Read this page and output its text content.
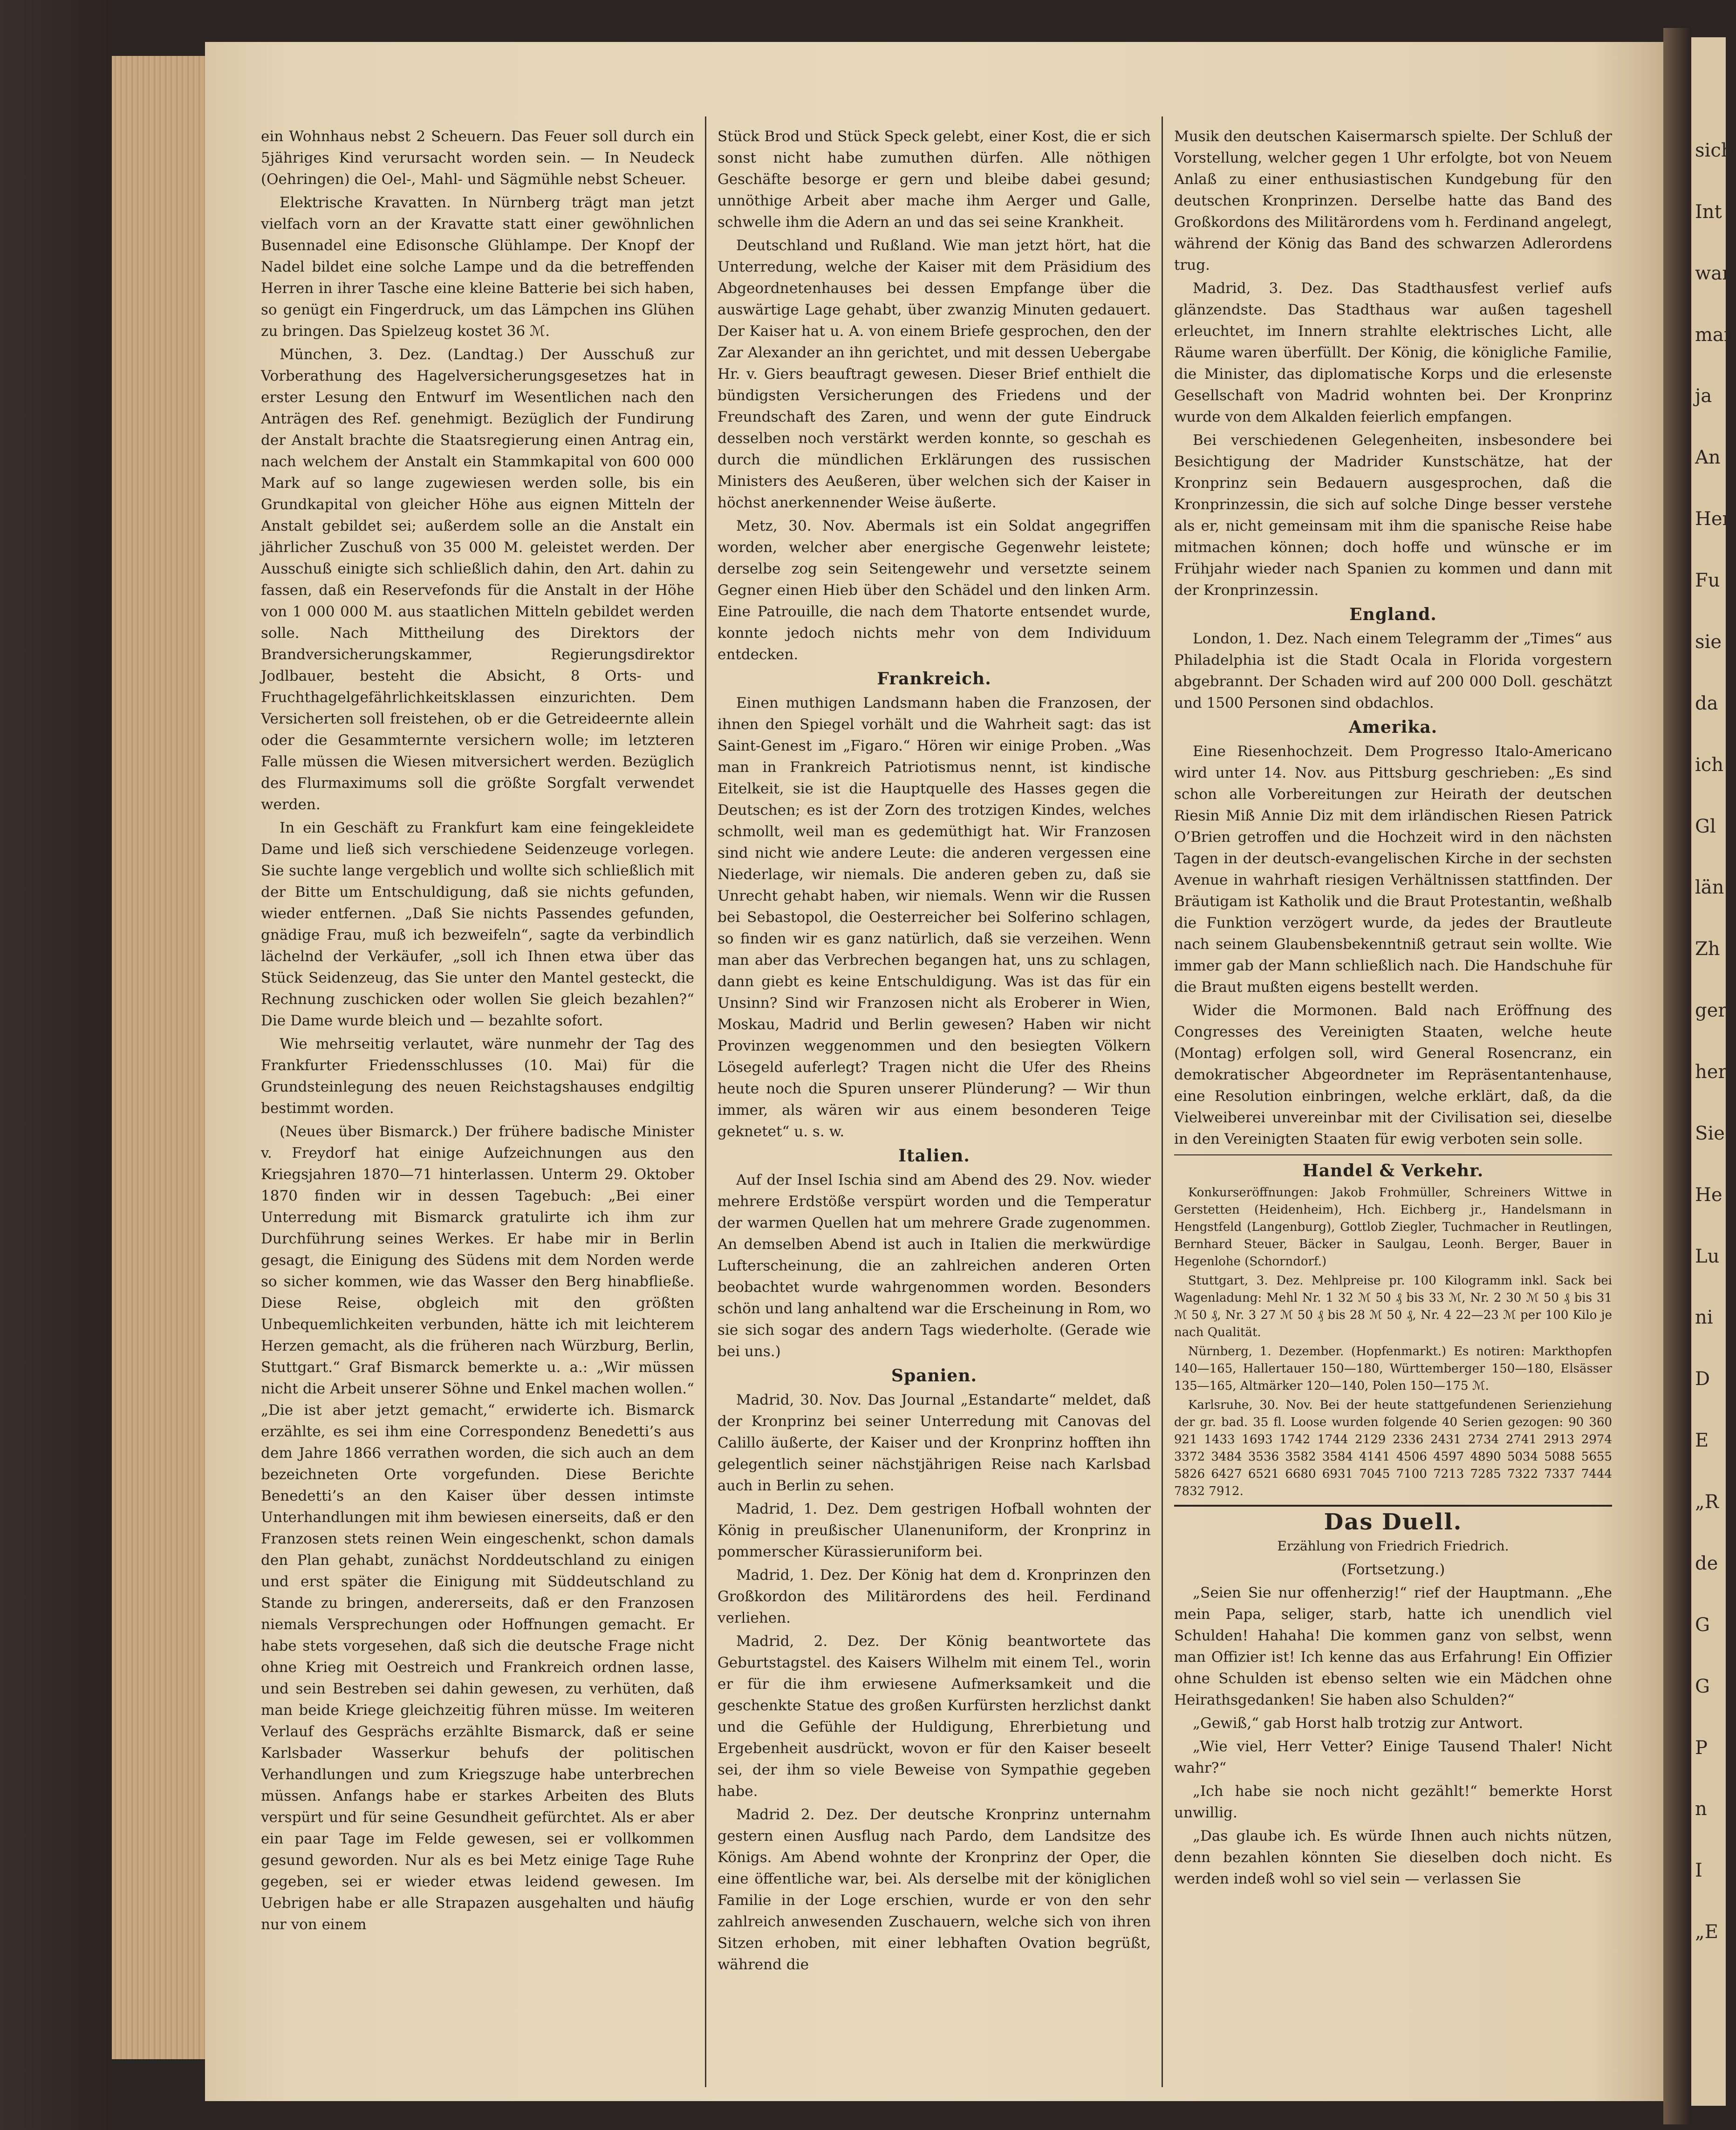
sich
Int
war
man
ja
An
Her
Fu
sie
da
ich
Gl
län
Zh
ger
her
Sie
He
Lu
ni
D
E
„R
de
G
G
P
n
I
„E

ein Wohnhaus nebst 2 Scheuern. Das Feuer soll durch ein 5jähriges Kind verursacht worden sein. — In Neudeck (Oehringen) die Oel-, Mahl- und Sägmühle nebst Scheuer.

Elektrische Kravatten. In Nürnberg trägt man jetzt vielfach vorn an der Kravatte statt einer gewöhnlichen Busennadel eine Edisonsche Glühlampe. Der Knopf der Nadel bildet eine solche Lampe und da die betreffenden Herren in ihrer Tasche eine kleine Batterie bei sich haben, so genügt ein Fingerdruck, um das Lämpchen ins Glühen zu bringen. Das Spielzeug kostet 36 ℳ.

München, 3. Dez. (Landtag.) Der Ausschuß zur Vorberathung des Hagelversicherungsgesetzes hat in erster Lesung den Entwurf im Wesentlichen nach den Anträgen des Ref. genehmigt. Bezüglich der Fundirung der Anstalt brachte die Staatsregierung einen Antrag ein, nach welchem der Anstalt ein Stammkapital von 600 000 Mark auf so lange zugewiesen werden solle, bis ein Grundkapital von gleicher Höhe aus eignen Mitteln der Anstalt gebildet sei; außerdem solle an die Anstalt ein jährlicher Zuschuß von 35 000 M. geleistet werden. Der Ausschuß einigte sich schließlich dahin, den Art. dahin zu fassen, daß ein Reservefonds für die Anstalt in der Höhe von 1 000 000 M. aus staatlichen Mitteln gebildet werden solle. Nach Mittheilung des Direktors der Brandversicherungskammer, Regierungsdirektor Jodlbauer, besteht die Absicht, 8 Orts- und Fruchthagelgefährlichkeitsklassen einzurichten. Dem Versicherten soll freistehen, ob er die Getreideernte allein oder die Gesammternte versichern wolle; im letzteren Falle müssen die Wiesen mitversichert werden. Bezüglich des Flurmaximums soll die größte Sorgfalt verwendet werden.

In ein Geschäft zu Frankfurt kam eine feingekleidete Dame und ließ sich verschiedene Seidenzeuge vorlegen. Sie suchte lange vergeblich und wollte sich schließlich mit der Bitte um Entschuldigung, daß sie nichts gefunden, wieder entfernen. „Daß Sie nichts Passendes gefunden, gnädige Frau, muß ich bezweifeln“, sagte da verbindlich lächelnd der Verkäufer, „soll ich Ihnen etwa über das Stück Seidenzeug, das Sie unter den Mantel gesteckt, die Rechnung zuschicken oder wollen Sie gleich bezahlen?“ Die Dame wurde bleich und — bezahlte sofort.

Wie mehrseitig verlautet, wäre nunmehr der Tag des Frankfurter Friedensschlusses (10. Mai) für die Grundsteinlegung des neuen Reichstagshauses endgiltig bestimmt worden.

(Neues über Bismarck.) Der frühere badische Minister v. Freydorf hat einige Aufzeichnungen aus den Kriegsjahren 1870—71 hinterlassen. Unterm 29. Oktober 1870 finden wir in dessen Tagebuch: „Bei einer Unterredung mit Bismarck gratulirte ich ihm zur Durchführung seines Werkes. Er habe mir in Berlin gesagt, die Einigung des Südens mit dem Norden werde so sicher kommen, wie das Wasser den Berg hinabfließe. Diese Reise, obgleich mit den größten Unbequemlichkeiten verbunden, hätte ich mit leichterem Herzen gemacht, als die früheren nach Würzburg, Berlin, Stuttgart.“ Graf Bismarck bemerkte u. a.: „Wir müssen nicht die Arbeit unserer Söhne und Enkel machen wollen.“ „Die ist aber jetzt gemacht,“ erwiderte ich. Bismarck erzählte, es sei ihm eine Correspondenz Benedetti’s aus dem Jahre 1866 verrathen worden, die sich auch an dem bezeichneten Orte vorgefunden. Diese Berichte Benedetti’s an den Kaiser über dessen intimste Unterhandlungen mit ihm bewiesen einerseits, daß er den Franzosen stets reinen Wein eingeschenkt, schon damals den Plan gehabt, zunächst Norddeutschland zu einigen und erst später die Einigung mit Süddeutschland zu Stande zu bringen, andererseits, daß er den Franzosen niemals Versprechungen oder Hoffnungen gemacht. Er habe stets vorgesehen, daß sich die deutsche Frage nicht ohne Krieg mit Oestreich und Frankreich ordnen lasse, und sein Bestreben sei dahin gewesen, zu verhüten, daß man beide Kriege gleichzeitig führen müsse. Im weiteren Verlauf des Gesprächs erzählte Bismarck, daß er seine Karlsbader Wasserkur behufs der politischen Verhandlungen und zum Kriegszuge habe unterbrechen müssen. Anfangs habe er starkes Arbeiten des Bluts verspürt und für seine Gesundheit gefürchtet. Als er aber ein paar Tage im Felde gewesen, sei er vollkommen gesund geworden. Nur als es bei Metz einige Tage Ruhe gegeben, sei er wieder etwas leidend gewesen. Im Uebrigen habe er alle Strapazen ausgehalten und häufig nur von einem

Stück Brod und Stück Speck gelebt, einer Kost, die er sich sonst nicht habe zumuthen dürfen. Alle nöthigen Geschäfte besorge er gern und bleibe dabei gesund; unnöthige Arbeit aber mache ihm Aerger und Galle, schwelle ihm die Adern an und das sei seine Krankheit.

Deutschland und Rußland. Wie man jetzt hört, hat die Unterredung, welche der Kaiser mit dem Präsidium des Abgeordnetenhauses bei dessen Empfange über die auswärtige Lage gehabt, über zwanzig Minuten gedauert. Der Kaiser hat u. A. von einem Briefe gesprochen, den der Zar Alexander an ihn gerichtet, und mit dessen Uebergabe Hr. v. Giers beauftragt gewesen. Dieser Brief enthielt die bündigsten Versicherungen des Friedens und der Freundschaft des Zaren, und wenn der gute Eindruck desselben noch verstärkt werden konnte, so geschah es durch die mündlichen Erklärungen des russischen Ministers des Aeußeren, über welchen sich der Kaiser in höchst anerkennender Weise äußerte.

Metz, 30. Nov. Abermals ist ein Soldat angegriffen worden, welcher aber energische Gegenwehr leistete; derselbe zog sein Seitengewehr und versetzte seinem Gegner einen Hieb über den Schädel und den linken Arm. Eine Patrouille, die nach dem Thatorte entsendet wurde, konnte jedoch nichts mehr von dem Individuum entdecken.

Frankreich.

Einen muthigen Landsmann haben die Franzosen, der ihnen den Spiegel vorhält und die Wahrheit sagt: das ist Saint-Genest im „Figaro.“ Hören wir einige Proben. „Was man in Frankreich Patriotismus nennt, ist kindische Eitelkeit, sie ist die Hauptquelle des Hasses gegen die Deutschen; es ist der Zorn des trotzigen Kindes, welches schmollt, weil man es gedemüthigt hat. Wir Franzosen sind nicht wie andere Leute: die anderen vergessen eine Niederlage, wir niemals. Die anderen geben zu, daß sie Unrecht gehabt haben, wir niemals. Wenn wir die Russen bei Sebastopol, die Oesterreicher bei Solferino schlagen, so finden wir es ganz natürlich, daß sie verzeihen. Wenn man aber das Verbrechen begangen hat, uns zu schlagen, dann giebt es keine Entschuldigung. Was ist das für ein Unsinn? Sind wir Franzosen nicht als Eroberer in Wien, Moskau, Madrid und Berlin gewesen? Haben wir nicht Provinzen weggenommen und den besiegten Völkern Lösegeld auferlegt? Tragen nicht die Ufer des Rheins heute noch die Spuren unserer Plünderung? — Wir thun immer, als wären wir aus einem besonderen Teige geknetet“ u. s. w.

Italien.

Auf der Insel Ischia sind am Abend des 29. Nov. wieder mehrere Erdstöße verspürt worden und die Temperatur der warmen Quellen hat um mehrere Grade zugenommen. An demselben Abend ist auch in Italien die merkwürdige Lufterscheinung, die an zahlreichen anderen Orten beobachtet wurde wahrgenommen worden. Besonders schön und lang anhaltend war die Erscheinung in Rom, wo sie sich sogar des andern Tags wiederholte. (Gerade wie bei uns.)

Spanien.

Madrid, 30. Nov. Das Journal „Estandarte“ meldet, daß der Kronprinz bei seiner Unterredung mit Canovas del Calillo äußerte, der Kaiser und der Kronprinz hofften ihn gelegentlich seiner nächstjährigen Reise nach Karlsbad auch in Berlin zu sehen.

Madrid, 1. Dez. Dem gestrigen Hofball wohnten der König in preußischer Ulanenuniform, der Kronprinz in pommerscher Kürassieruniform bei.

Madrid, 1. Dez. Der König hat dem d. Kronprinzen den Großkordon des Militärordens des heil. Ferdinand verliehen.

Madrid, 2. Dez. Der König beantwortete das Geburtstagstel. des Kaisers Wilhelm mit einem Tel., worin er für die ihm erwiesene Aufmerksamkeit und die geschenkte Statue des großen Kurfürsten herzlichst dankt und die Gefühle der Huldigung, Ehrerbietung und Ergebenheit ausdrückt, wovon er für den Kaiser beseelt sei, der ihm so viele Beweise von Sympathie gegeben habe.

Madrid 2. Dez. Der deutsche Kronprinz unternahm gestern einen Ausflug nach Pardo, dem Landsitze des Königs. Am Abend wohnte der Kronprinz der Oper, die eine öffentliche war, bei. Als derselbe mit der königlichen Familie in der Loge erschien, wurde er von den sehr zahlreich anwesenden Zuschauern, welche sich von ihren Sitzen erhoben, mit einer lebhaften Ovation begrüßt, während die

Musik den deutschen Kaisermarsch spielte. Der Schluß der Vorstellung, welcher gegen 1 Uhr erfolgte, bot von Neuem Anlaß zu einer enthusiastischen Kundgebung für den deutschen Kronprinzen. Derselbe hatte das Band des Großkordons des Militärordens vom h. Ferdinand angelegt, während der König das Band des schwarzen Adlerordens trug.

Madrid, 3. Dez. Das Stadthausfest verlief aufs glänzendste. Das Stadthaus war außen tageshell erleuchtet, im Innern strahlte elektrisches Licht, alle Räume waren überfüllt. Der König, die königliche Familie, die Minister, das diplomatische Korps und die erlesenste Gesellschaft von Madrid wohnten bei. Der Kronprinz wurde von dem Alkalden feierlich empfangen.

Bei verschiedenen Gelegenheiten, insbesondere bei Besichtigung der Madrider Kunstschätze, hat der Kronprinz sein Bedauern ausgesprochen, daß die Kronprinzessin, die sich auf solche Dinge besser verstehe als er, nicht gemeinsam mit ihm die spanische Reise habe mitmachen können; doch hoffe und wünsche er im Frühjahr wieder nach Spanien zu kommen und dann mit der Kronprinzessin.

England.

London, 1. Dez. Nach einem Telegramm der „Times“ aus Philadelphia ist die Stadt Ocala in Florida vorgestern abgebrannt. Der Schaden wird auf 200 000 Doll. geschätzt und 1500 Personen sind obdachlos.

Amerika.

Eine Riesenhochzeit. Dem Progresso Italo-Americano wird unter 14. Nov. aus Pittsburg geschrieben: „Es sind schon alle Vorbereitungen zur Heirath der deutschen Riesin Miß Annie Diz mit dem irländischen Riesen Patrick O’Brien getroffen und die Hochzeit wird in den nächsten Tagen in der deutsch-evangelischen Kirche in der sechsten Avenue in wahrhaft riesigen Verhältnissen stattfinden. Der Bräutigam ist Katholik und die Braut Protestantin, weßhalb die Funktion verzögert wurde, da jedes der Brautleute nach seinem Glaubensbekenntniß getraut sein wollte. Wie immer gab der Mann schließlich nach. Die Handschuhe für die Braut mußten eigens bestellt werden.

Wider die Mormonen. Bald nach Eröffnung des Congresses des Vereinigten Staaten, welche heute (Montag) erfolgen soll, wird General Rosencranz, ein demokratischer Abgeordneter im Repräsentantenhause, eine Resolution einbringen, welche erklärt, daß, da die Vielweiberei unvereinbar mit der Civilisation sei, dieselbe in den Vereinigten Staaten für ewig verboten sein solle.

Handel & Verkehr.

Konkurseröffnungen: Jakob Frohmüller, Schreiners Wittwe in Gerstetten (Heidenheim), Hch. Eichberg jr., Handelsmann in Hengstfeld (Langenburg), Gottlob Ziegler, Tuchmacher in Reutlingen, Bernhard Steuer, Bäcker in Saulgau, Leonh. Berger, Bauer in Hegenlohe (Schorndorf.)

Stuttgart, 3. Dez. Mehlpreise pr. 100 Kilogramm inkl. Sack bei Wagenladung: Mehl Nr. 1 32 ℳ 50 ₰ bis 33 ℳ, Nr. 2 30 ℳ 50 ₰ bis 31 ℳ 50 ₰, Nr. 3 27 ℳ 50 ₰ bis 28 ℳ 50 ₰, Nr. 4 22—23 ℳ per 100 Kilo je nach Qualität.

Nürnberg, 1. Dezember. (Hopfenmarkt.) Es notiren: Markthopfen 140—165, Hallertauer 150—180, Württemberger 150—180, Elsässer 135—165, Altmärker 120—140, Polen 150—175 ℳ.

Karlsruhe, 30. Nov. Bei der heute stattgefundenen Serienziehung der gr. bad. 35 fl. Loose wurden folgende 40 Serien gezogen: 90 360 921 1433 1693 1742 1744 2129 2336 2431 2734 2741 2913 2974 3372 3484 3536 3582 3584 4141 4506 4597 4890 5034 5088 5655 5826 6427 6521 6680 6931 7045 7100 7213 7285 7322 7337 7444 7832 7912.

Das Duell.

Erzählung von Friedrich Friedrich.

(Fortsetzung.)

„Seien Sie nur offenherzig!“ rief der Hauptmann. „Ehe mein Papa, seliger, starb, hatte ich unendlich viel Schulden! Hahaha! Die kommen ganz von selbst, wenn man Offizier ist! Ich kenne das aus Erfahrung! Ein Offizier ohne Schulden ist ebenso selten wie ein Mädchen ohne Heirathsgedanken! Sie haben also Schulden?“

„Gewiß,“ gab Horst halb trotzig zur Antwort.

„Wie viel, Herr Vetter? Einige Tausend Thaler! Nicht wahr?“

„Ich habe sie noch nicht gezählt!“ bemerkte Horst unwillig.

„Das glaube ich. Es würde Ihnen auch nichts nützen, denn bezahlen könnten Sie dieselben doch nicht. Es werden indeß wohl so viel sein — verlassen Sie
